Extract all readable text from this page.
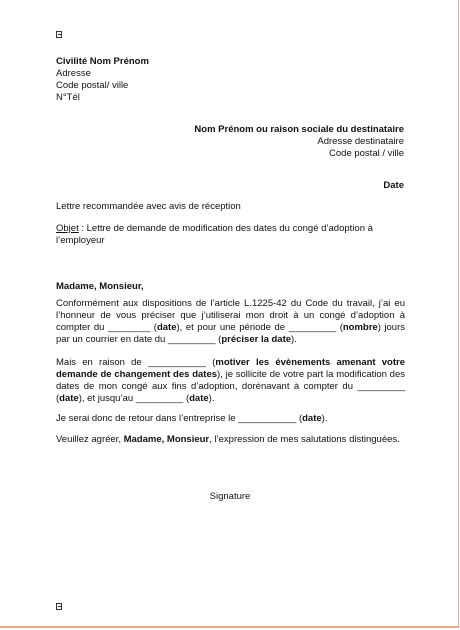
Civilité Nom Prénom
Adresse
Code postal/ ville
N°Tél
Nom Prénom ou raison sociale du destinataire
Adresse destinataire
Code postal / ville
Date
Lettre recommandée avec avis de réception
Objet : Lettre de demande de modification des dates du congé d’adoption à l’employeur
Madame, Monsieur,
Conformément aux dispositions de l’article L.1225-42 du Code du travail, j’ai eu l’honneur de vous préciser que j’utiliserai mon droit à un congé d’adoption à compter du ________ (date), et pour une période de _________ (nombre) jours par un courrier en date du _________ (préciser la date).
Mais en raison de ___________ (motiver les évènements amenant votre demande de changement des dates), je sollicite de votre part la modification des dates de mon congé aux fins d’adoption, dorénavant à compter du _________ (date), et jusqu’au _________ (date).
Je serai donc de retour dans l’entreprise le ___________ (date).
Veuillez agréer, Madame, Monsieur, l’expression de mes salutations distinguées.
Signature
